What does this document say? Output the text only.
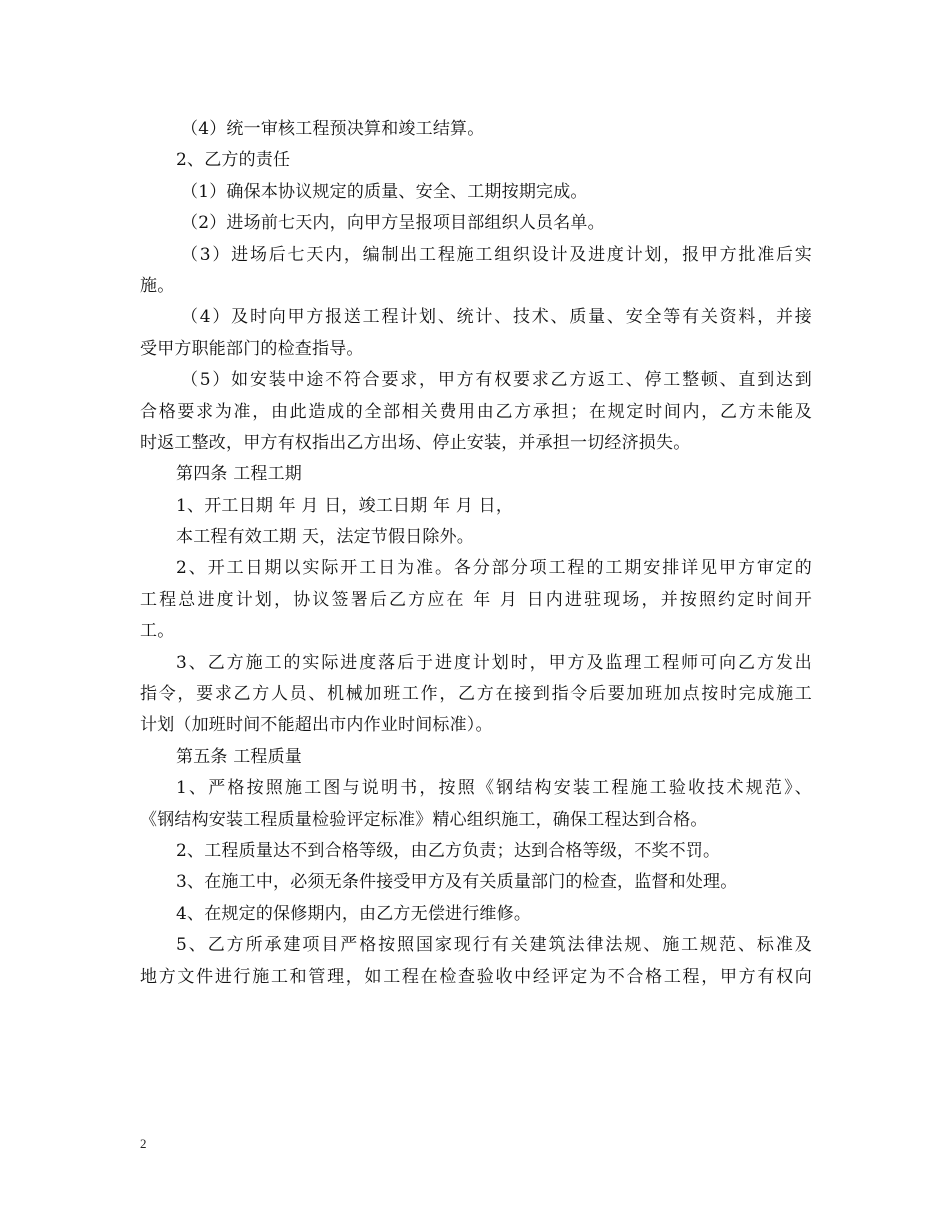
（4）统一审核工程预决算和竣工结算。
2、乙方的责任
（1）确保本协议规定的质量、安全、工期按期完成。
（2）进场前七天内，向甲方呈报项目部组织人员名单。
（3）进场后七天内，编制出工程施工组织设计及进度计划，报甲方批准后实
施。
（4）及时向甲方报送工程计划、统计、技术、质量、安全等有关资料，并接
受甲方职能部门的检查指导。
（5）如安装中途不符合要求，甲方有权要求乙方返工、停工整顿、直到达到
合格要求为准，由此造成的全部相关费用由乙方承担；在规定时间内，乙方未能及
时返工整改，甲方有权指出乙方出场、停止安装，并承担一切经济损失。
第四条 工程工期
1、开工日期 年 月 日，竣工日期 年 月 日，
本工程有效工期 天，法定节假日除外。
2、开工日期以实际开工日为准。各分部分项工程的工期安排详见甲方审定的
工程总进度计划，协议签署后乙方应在 年 月 日内进驻现场，并按照约定时间开
工。
3、乙方施工的实际进度落后于进度计划时，甲方及监理工程师可向乙方发出
指令，要求乙方人员、机械加班工作，乙方在接到指令后要加班加点按时完成施工
计划（加班时间不能超出市内作业时间标准）。
第五条 工程质量
1、严格按照施工图与说明书，按照《钢结构安装工程施工验收技术规范》、
《钢结构安装工程质量检验评定标准》精心组织施工，确保工程达到合格。
2、工程质量达不到合格等级，由乙方负责；达到合格等级，不奖不罚。
3、在施工中，必须无条件接受甲方及有关质量部门的检查，监督和处理。
4、在规定的保修期内，由乙方无偿进行维修。
5、乙方所承建项目严格按照国家现行有关建筑法律法规、施工规范、标准及
地方文件进行施工和管理，如工程在检查验收中经评定为不合格工程，甲方有权向
2
